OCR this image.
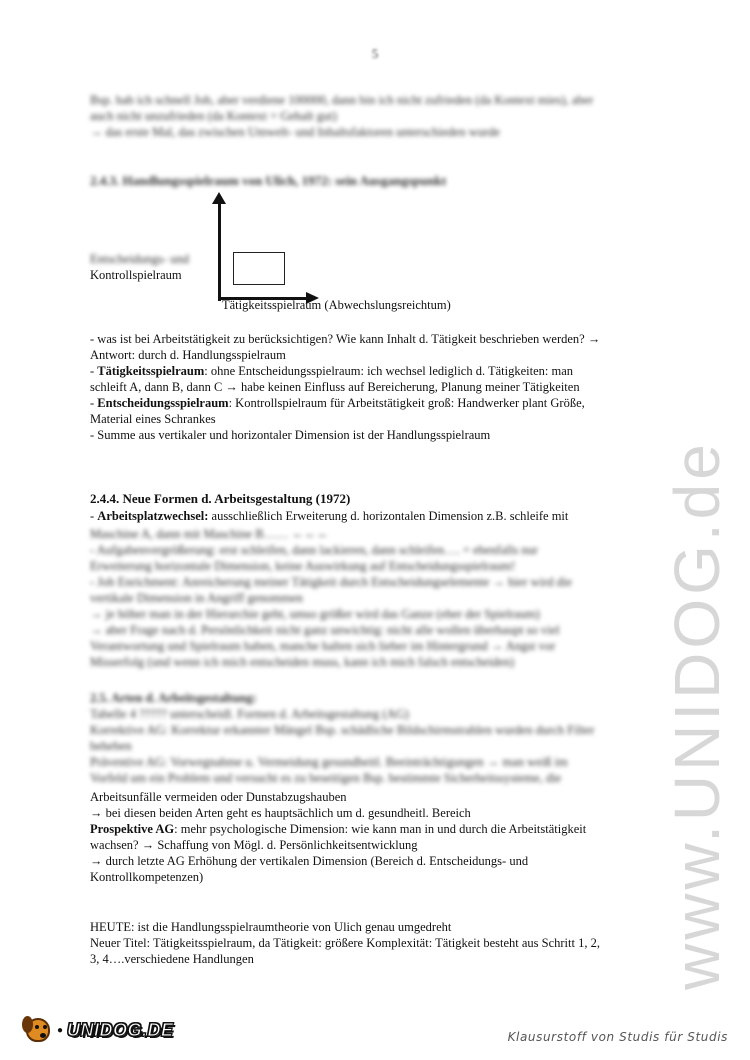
www.UNIDOG.de
5
Bsp. hab ich schnell Job, aber verdiene 100000, dann bin ich nicht zufrieden (da Kontext mies), aber
auch nicht unzufrieden (da Kontext = Gehalt gut)
→ das erste Mal, das zwischen Umwelt- und Inhaltsfaktoren unterschieden wurde
2.4.3. Handlungsspielraum von Ulich, 1972: sein Ausgangspunkt
Entscheidungs- und
Kontrollspielraum
Tätigkeitsspielraum (Abwechslungsreichtum)
- was ist bei Arbeitstätigkeit zu berücksichtigen? Wie kann Inhalt d. Tätigkeit beschrieben werden? →
Antwort: durch d. Handlungsspielraum
- Tätigkeitsspielraum: ohne Entscheidungsspielraum: ich wechsel lediglich d. Tätigkeiten: man
schleift A, dann B, dann C → habe keinen Einfluss auf Bereicherung, Planung meiner Tätigkeiten
- Entscheidungsspielraum: Kontrollspielraum für Arbeitstätigkeit groß: Handwerker plant Größe,
Material eines Schrankes
- Summe aus vertikaler und horizontaler Dimension ist der Handlungsspielraum
2.4.4. Neue Formen d. Arbeitsgestaltung (1972)
- Arbeitsplatzwechsel: ausschließlich Erweiterung d. horizontalen Dimension z.B. schleife mit
Maschine A, dann mit Maschine B…… ←←←
- Aufgabenvergrößerung: erst schleifen, dann lackieren, dann schleifen…. = ebenfalls nur
Erweiterung horizontale Dimension, keine Auswirkung auf Entscheidungsspielraum!
- Job Enrichment: Anreicherung meiner Tätigkeit durch Entscheidungselemente → hier wird die
vertikale Dimension in Angriff genommen
→ je höher man in der Hierarchie geht, umso größer wird das Ganze (eher der Spielraum)
→ aber Frage nach d. Persönlichkeit nicht ganz unwichtig: nicht alle wollen überhaupt so viel
Verantwortung und Spielraum haben, manche halten sich lieber im Hintergrund → Angst vor
Misserfolg (und wenn ich mich entscheiden muss, kann ich mich falsch entscheiden)
2.5. Arten d. Arbeitsgestaltung:
Tabelle 4 ????? unterscheidl. Formen d. Arbeitsgestaltung (AG)
Korrektive AG: Korrektur erkannter Mängel Bsp. schädliche Bildschirmstrahlen wurden durch Filter
beheben
Präventive AG: Vorwegnahme u. Vermeidung gesundheitl. Beeinträchtigungen → man weiß im
Vorfeld um ein Problem und versucht es zu beseitigen Bsp. bestimmte Sicherheitssysteme, die
Arbeitsunfälle vermeiden oder Dunstabzugshauben
→ bei diesen beiden Arten geht es hauptsächlich um d. gesundheitl. Bereich
Prospektive AG: mehr psychologische Dimension: wie kann man in und durch die Arbeitstätigkeit
wachsen? → Schaffung von Mögl. d. Persönlichkeitsentwicklung
→ durch letzte AG Erhöhung der vertikalen Dimension (Bereich d. Entscheidungs- und
Kontrollkompetenzen)
HEUTE: ist die Handlungsspielraumtheorie von Ulich genau umgedreht
Neuer Titel: Tätigkeitsspielraum, da Tätigkeit: größere Komplexität: Tätigkeit besteht aus Schritt 1, 2,
3, 4….verschiedene Handlungen
● UNIDOG.DE	Klausurstoff von Studis für Studis
